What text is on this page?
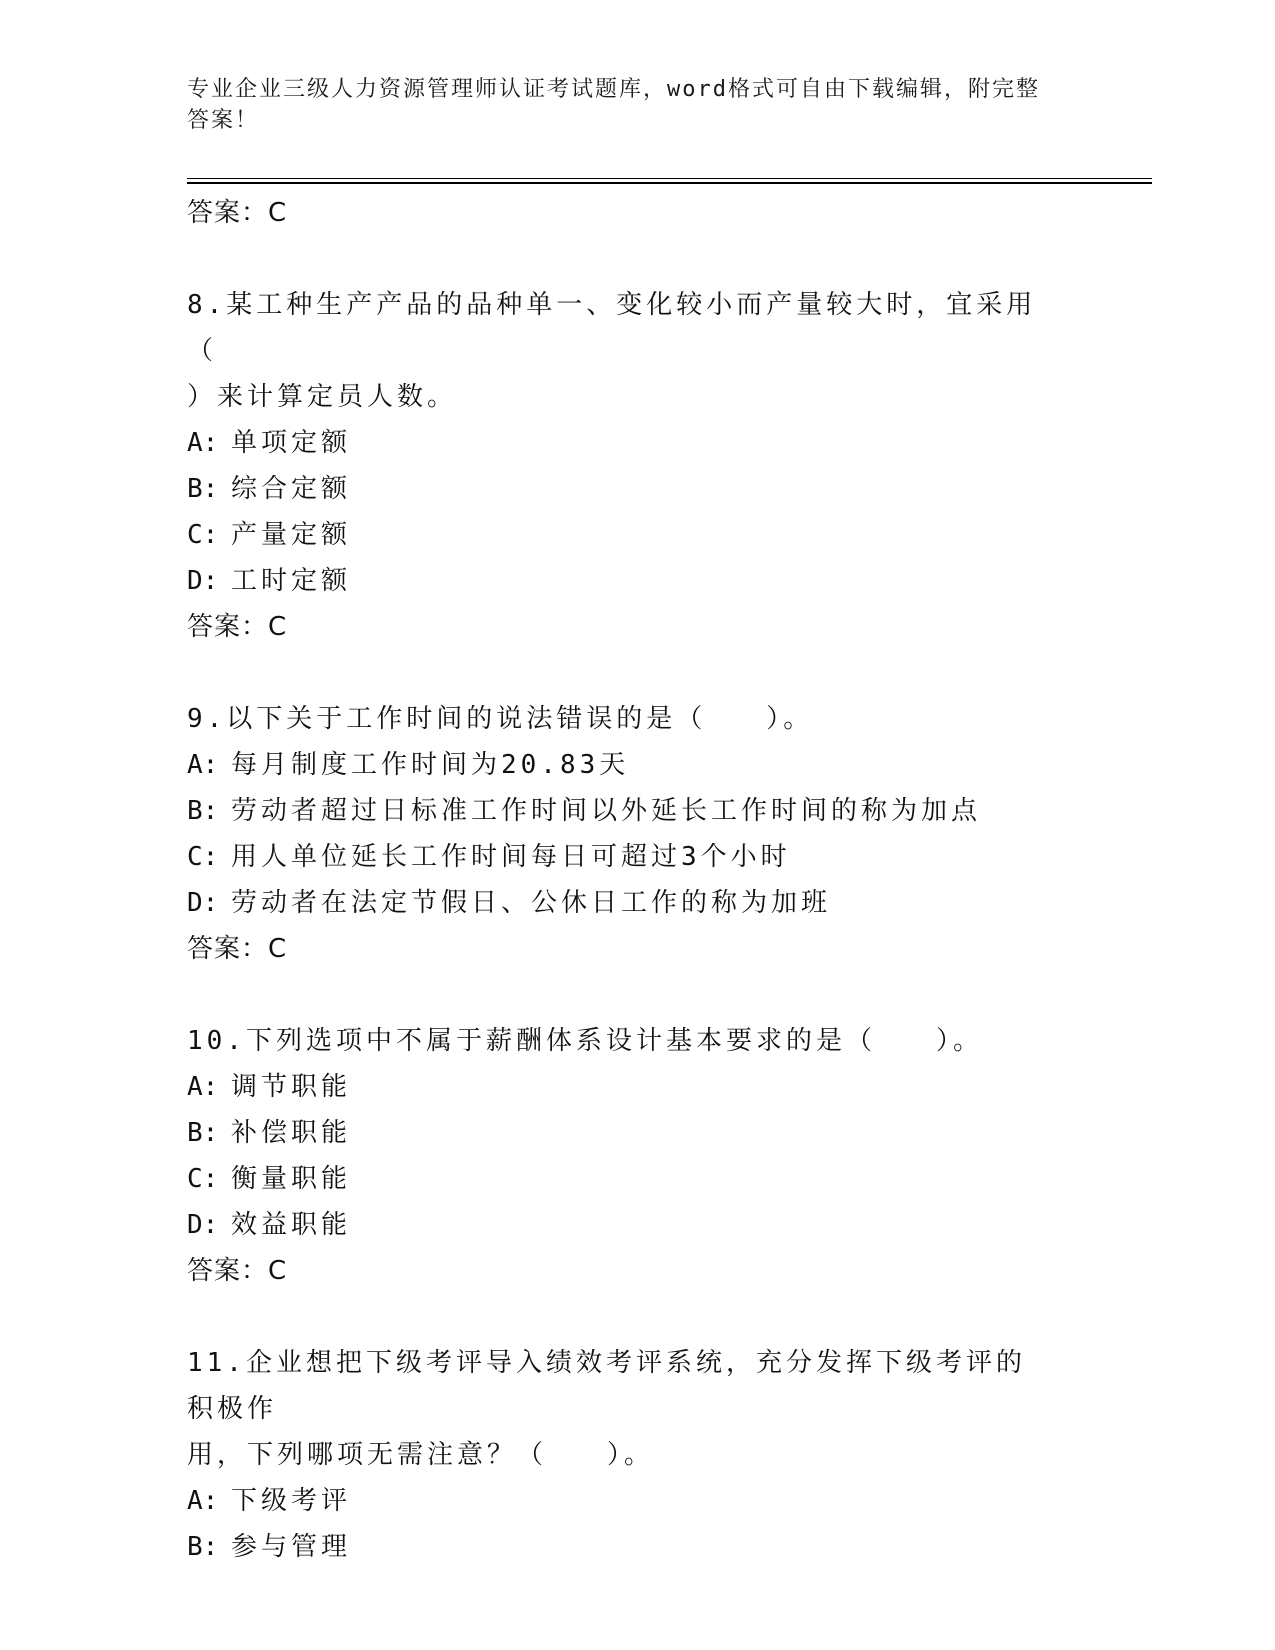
专业企业三级人力资源管理师认证考试题库，word格式可自由下载编辑，附完整
答案！
答案：C
8.某工种生产产品的品种单一、变化较小而产量较大时，宜采用（
）来计算定员人数。
A: 单项定额
B: 综合定额
C: 产量定额
D: 工时定额
答案：C
9.以下关于工作时间的说法错误的是（　　）。
A: 每月制度工作时间为20.83天
B: 劳动者超过日标准工作时间以外延长工作时间的称为加点
C: 用人单位延长工作时间每日可超过3个小时
D: 劳动者在法定节假日、公休日工作的称为加班
答案：C
10.下列选项中不属于薪酬体系设计基本要求的是（　　）。
A: 调节职能
B: 补偿职能
C: 衡量职能
D: 效益职能
答案：C
11.企业想把下级考评导入绩效考评系统，充分发挥下级考评的积极作
用，下列哪项无需注意？（　　）。
A: 下级考评
B: 参与管理
